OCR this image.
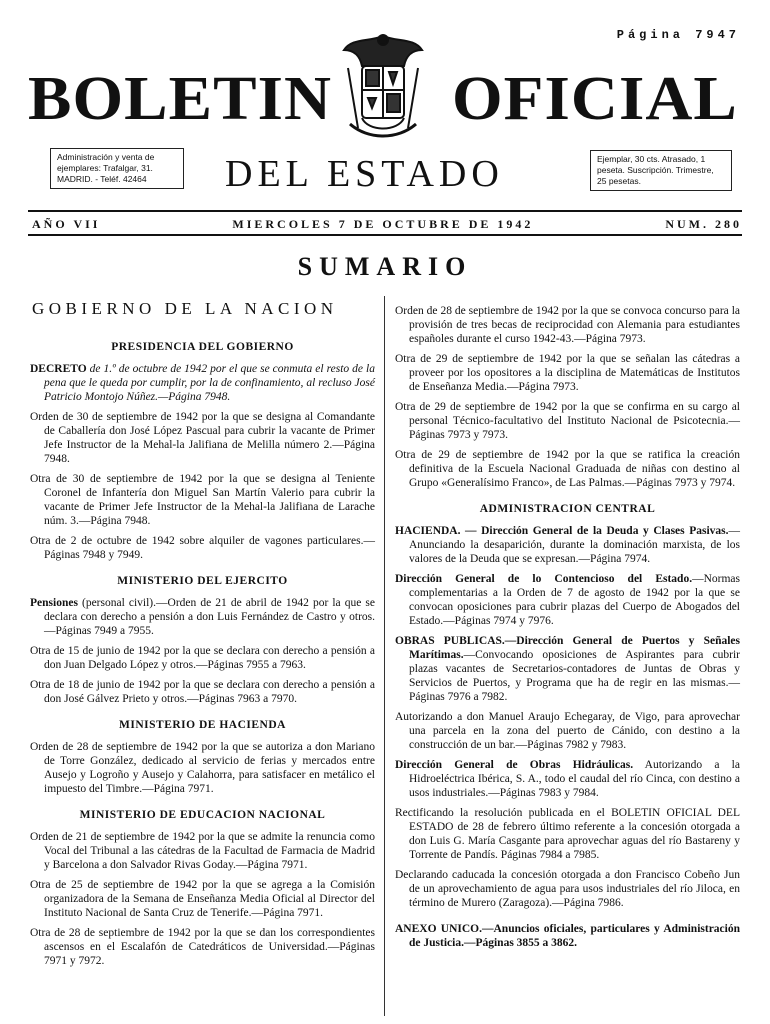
Página 7947
BOLETIN OFICIAL
Administración y venta de ejemplares: Trafalgar, 31. MADRID. - Teléf. 42464	DEL ESTADO	Ejemplar, 30 cts. Atrasado, 1 peseta. Suscripción. Trimestre, 25 pesetas.
AÑO VII	MIERCOLES 7 DE OCTUBRE DE 1942	NUM. 280
SUMARIO
GOBIERNO DE LA NACION
PRESIDENCIA DEL GOBIERNO

DECRETO de 1.º de octubre de 1942 por el que se conmuta el resto de la pena que le queda por cumplir, por la de confinamiento, al recluso José Patricio Montojo Núñez.—Página 7948.

Orden de 30 de septiembre de 1942 por la que se designa al Comandante de Caballería don José López Pascual para cubrir la vacante de Primer Jefe Instructor de la Mehal-la Jalifiana de Melilla número 2.—Página 7948.

Otra de 30 de septiembre de 1942 por la que se designa al Teniente Coronel de Infantería don Miguel San Martín Valerio para cubrir la vacante de Primer Jefe Instructor de la Mehal-la Jalifiana de Larache núm. 3.—Página 7948.

Otra de 2 de octubre de 1942 sobre alquiler de vagones particulares.—Páginas 7948 y 7949.

MINISTERIO DEL EJERCITO

Pensiones (personal civil).—Orden de 21 de abril de 1942 por la que se declara con derecho a pensión a don Luis Fernández de Castro y otros.—Páginas 7949 a 7955.

Otra de 15 de junio de 1942 por la que se declara con derecho a pensión a don Juan Delgado López y otros.—Páginas 7955 a 7963.

Otra de 18 de junio de 1942 por la que se declara con derecho a pensión a don José Gálvez Prieto y otros.—Páginas 7963 a 7970.

MINISTERIO DE HACIENDA

Orden de 28 de septiembre de 1942 por la que se autoriza a don Mariano de Torre González, dedicado al servicio de ferias y mercados entre Ausejo y Logroño y Ausejo y Calahorra, para satisfacer en metálico el impuesto del Timbre.—Página 7971.

MINISTERIO DE EDUCACION NACIONAL

Orden de 21 de septiembre de 1942 por la que se admite la renuncia como Vocal del Tribunal a las cátedras de la Facultad de Farmacia de Madrid y Barcelona a don Salvador Rivas Goday.—Página 7971.

Otra de 25 de septiembre de 1942 por la que se agrega a la Comisión organizadora de la Semana de Enseñanza Media Oficial al Director del Instituto Nacional de Santa Cruz de Tenerife.—Página 7971.

Otra de 28 de septiembre de 1942 por la que se dan los correspondientes ascensos en el Escalafón de Catedráticos de Universidad.—Páginas 7971 y 7972.

Orden de 28 de septiembre de 1942 por la que se convoca concurso para la provisión de tres becas de reciprocidad con Alemania para estudiantes españoles durante el curso 1942-43.—Página 7973.

Otra de 29 de septiembre de 1942 por la que se señalan las cátedras a proveer por los opositores a la disciplina de Matemáticas de Institutos de Enseñanza Media.—Página 7973.

Otra de 29 de septiembre de 1942 por la que se confirma en su cargo al personal Técnico-facultativo del Instituto Nacional de Psicotecnia.—Páginas 7973 y 7973.

Otra de 29 de septiembre de 1942 por la que se ratifica la creación definitiva de la Escuela Nacional Graduada de niñas con destino al Grupo «Generalísimo Franco», de Las Palmas.—Páginas 7973 y 7974.

ADMINISTRACION CENTRAL

HACIENDA. — Dirección General de la Deuda y Clases Pasivas.—Anunciando la desaparición, durante la dominación marxista, de los valores de la Deuda que se expresan.—Página 7974.

Dirección General de lo Contencioso del Estado.—Normas complementarias a la Orden de 7 de agosto de 1942 por la que se convocan oposiciones para cubrir plazas del Cuerpo de Abogados del Estado.—Páginas 7974 y 7976.

OBRAS PUBLICAS.—Dirección General de Puertos y Señales Marítimas.—Convocando oposiciones de Aspirantes para cubrir plazas vacantes de Secretarios-contadores de Juntas de Obras y Servicios de Puertos, y Programa que ha de regir en las mismas.—Páginas 7976 a 7982.

Autorizando a don Manuel Araujo Echegaray, de Vigo, para aprovechar una parcela en la zona del puerto de Cánido, con destino a la construcción de un bar.—Páginas 7982 y 7983.

Dirección General de Obras Hidráulicas. Autorizando a la Hidroeléctrica Ibérica, S. A., todo el caudal del río Cinca, con destino a usos industriales.—Páginas 7983 y 7984.

Rectificando la resolución publicada en el BOLETIN OFICIAL DEL ESTADO de 28 de febrero último referente a la concesión otorgada a don Luis G. María Casgante para aprovechar aguas del río Bastareny y Torrente de Pandís. Páginas 7984 a 7985.

Declarando caducada la concesión otorgada a don Francisco Cobeño Jun de un aprovechamiento de agua para usos industriales del río Jiloca, en término de Murero (Zaragoza).—Página 7986.

ANEXO UNICO.—Anuncios oficiales, particulares y Administración de Justicia.—Páginas 3855 a 3862.
